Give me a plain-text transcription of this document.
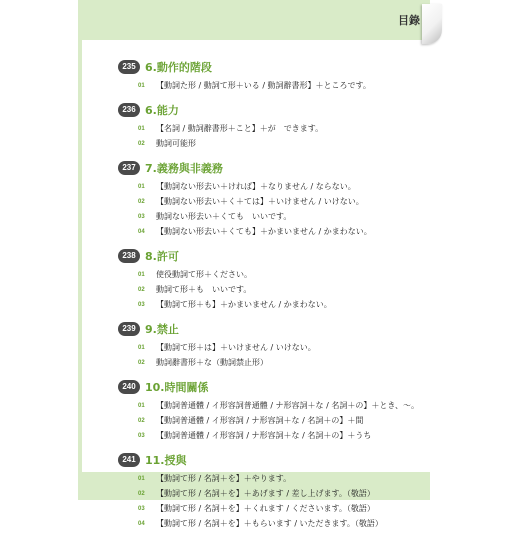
目錄
235 6.動作的階段
01	【動詞た形 / 動詞て形＋いる / 動詞辭書形】＋ところです。
236 6.能力
01	【名詞 / 動詞辭書形＋こと】＋が　できます。
02	動詞可能形
237 7.義務與非義務
01	【動詞ない形去い＋ければ】＋なりません / ならない。
02	【動詞ない形去い＋く＋ては】＋いけません / いけない。
03	動詞ない形去い＋くても　いいです。
04	【動詞ない形去い＋くても】＋かまいません / かまわない。
238 8.許可
01	使役動詞て形＋ください。
02	動詞て形＋も　いいです。
03	【動詞て形＋も】＋かまいません / かまわない。
239 9.禁止
01	【動詞て形＋は】＋いけません / いけない。
02	動詞辭書形＋な（動詞禁止形）
240 10.時間關係
01	【動詞普通體 / イ形容詞普通體 / ナ形容詞＋な / 名詞＋の】＋とき、～。
02	【動詞普通體 / イ形容詞 / ナ形容詞＋な / 名詞＋の】＋間
03	【動詞普通體 / イ形容詞 / ナ形容詞＋な / 名詞＋の】＋うち
241 11.授與
01	【動詞て形 / 名詞＋を】＋やります。
02	【動詞て形 / 名詞＋を】＋あげます / 差し上げます。（敬語）
03	【動詞て形 / 名詞＋を】＋くれます / くださいます。（敬語）
04	【動詞て形 / 名詞＋を】＋もらいます / いただきます。（敬語）
